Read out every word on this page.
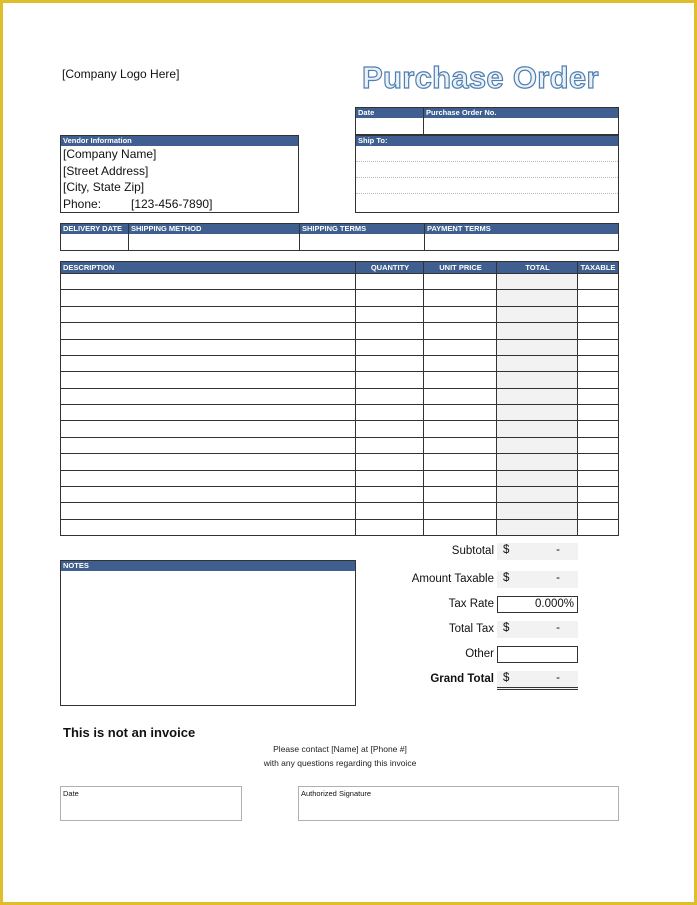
[Company Logo Here]	Purchase Order
Date	Purchase Order No.
Vendor Information
[Company Name]
[Street Address]
[City, State Zip]
Phone: [123-456-7890]
Ship To:
DELIVERY DATE	SHIPPING METHOD	SHIPPING TERMS	PAYMENT TERMS
DESCRIPTION	QUANTITY	UNIT PRICE	TOTAL	TAXABLE
NOTES
Subtotal $	-
Amount Taxable $	-
Tax Rate	0.000%
Total Tax $	-
Other
Grand Total $	-
This is not an invoice
Please contact [Name] at [Phone #]
with any questions regarding this invoice
Date	Authorized Signature
